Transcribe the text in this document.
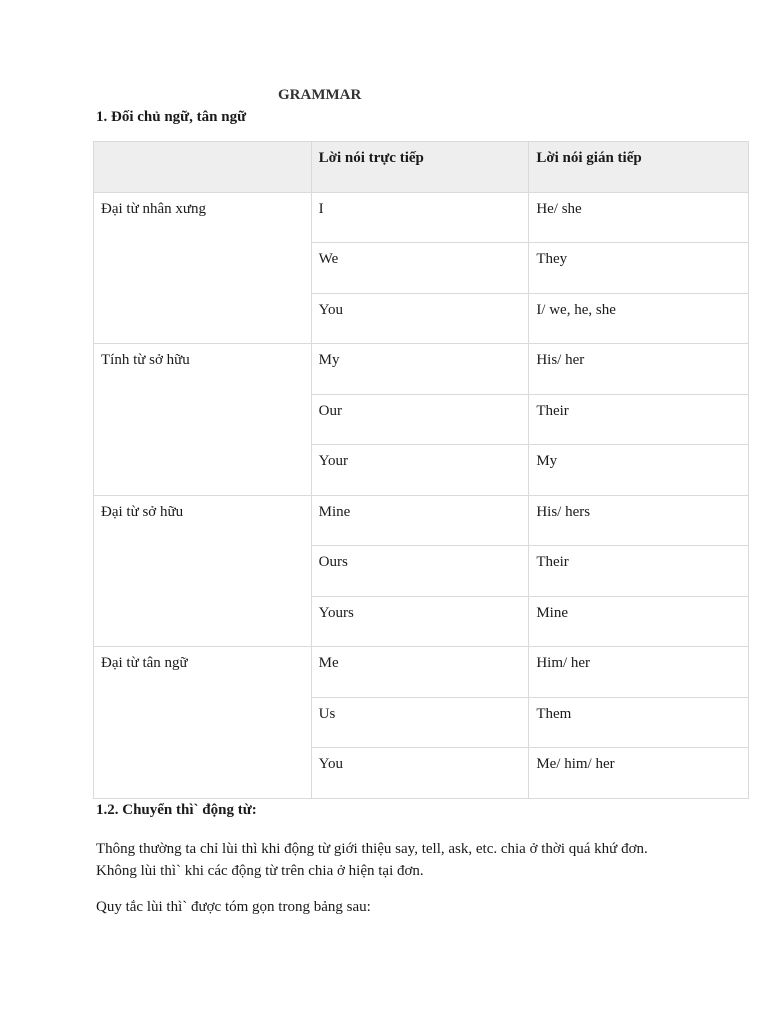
GRAMMAR
1. Đối chủ ngữ, tân ngữ
	Lời nói trực tiếp	Lời nói gián tiếp
Đại từ nhân xưng	I	He/ she
	We	They
	You	I/ we, he, she
Tính từ sở hữu	My	His/ her
	Our	Their
	Your	My
Đại từ sở hữu	Mine	His/ hers
	Ours	Their
	Yours	Mine
Đại từ tân ngữ	Me	Him/ her
	Us	Them
	You	Me/ him/ her
1.2. Chuyển thì` động từ:
Thông thường ta chỉ lùi thì khi động từ giới thiệu say, tell, ask, etc. chia ở thời quá khứ đơn.
Không lùi thì` khi các động từ trên chia ở hiện tại đơn.
Quy tắc lùi thì` được tóm gọn trong bảng sau:
